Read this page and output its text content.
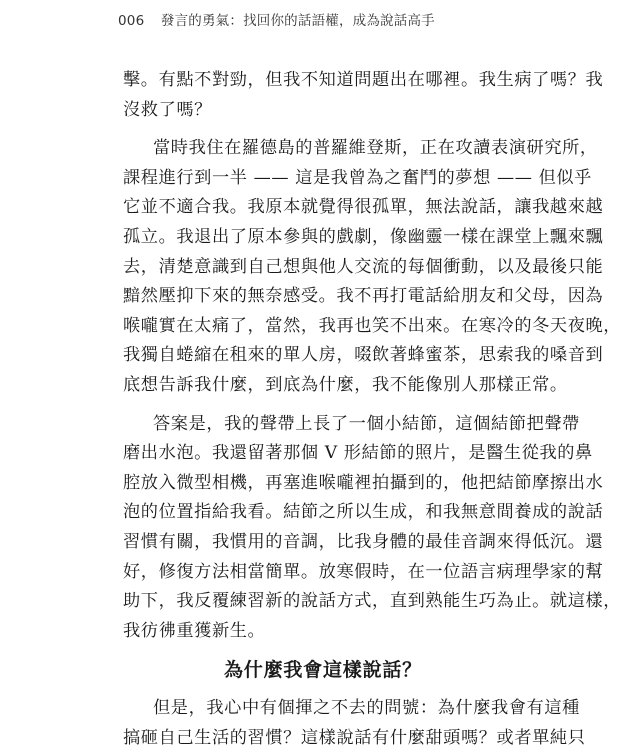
006 發言的勇氣：找回你的話語權，成為說話高手
擊。有點不對勁，但我不知道問題出在哪裡。我生病了嗎？我
沒救了嗎？
當時我住在羅德島的普羅維登斯，正在攻讀表演研究所，
課程進行到一半 —— 這是我曾為之奮鬥的夢想 —— 但似乎
它並不適合我。我原本就覺得很孤單，無法說話，讓我越來越
孤立。我退出了原本參與的戲劇，像幽靈一樣在課堂上飄來飄
去，清楚意識到自己想與他人交流的每個衝動，以及最後只能
黯然壓抑下來的無奈感受。我不再打電話給朋友和父母，因為
喉嚨實在太痛了，當然，我再也笑不出來。在寒冷的冬天夜晚，
我獨自蜷縮在租來的單人房，啜飲著蜂蜜茶，思索我的嗓音到
底想告訴我什麼，到底為什麼，我不能像別人那樣正常。
答案是，我的聲帶上長了一個小結節，這個結節把聲帶
磨出水泡。我還留著那個 V 形結節的照片，是醫生從我的鼻
腔放入微型相機，再塞進喉嚨裡拍攝到的，他把結節摩擦出水
泡的位置指給我看。結節之所以生成，和我無意間養成的說話
習慣有關，我慣用的音調，比我身體的最佳音調來得低沉。還
好，修復方法相當簡單。放寒假時，在一位語言病理學家的幫
助下，我反覆練習新的說話方式，直到熟能生巧為止。就這樣，
我彷彿重獲新生。
為什麼我會這樣說話？
但是，我心中有個揮之不去的問號：為什麼我會有這種
搞砸自己生活的習慣？這樣說話有什麼甜頭嗎？或者單純只
